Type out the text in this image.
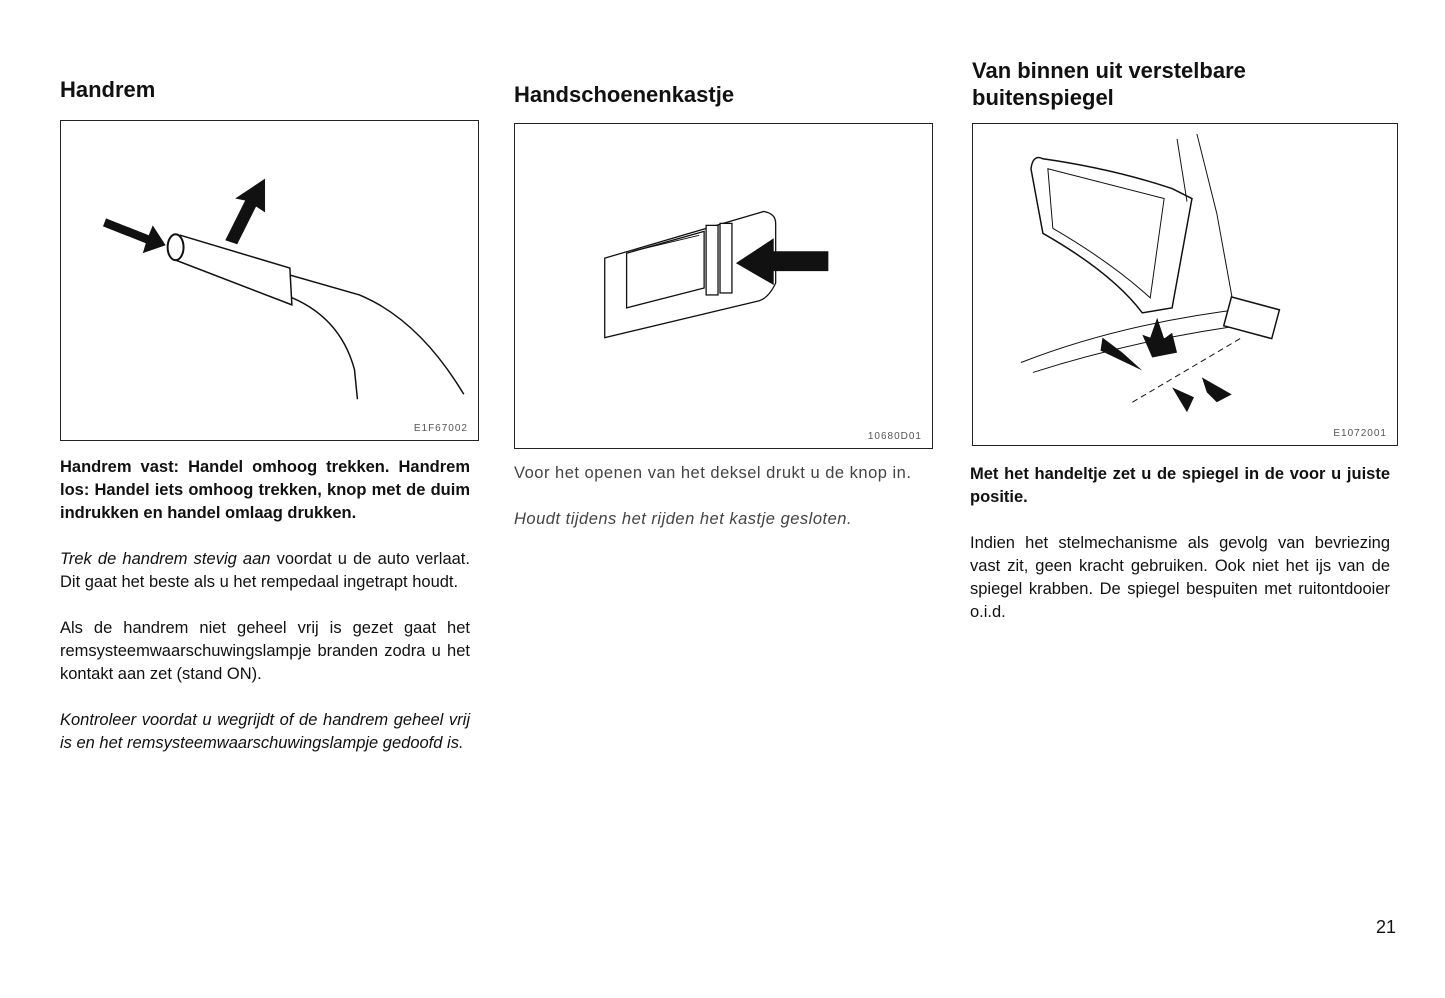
Handrem
E1F67002

Handrem vast: Handel omhoog trekken. Handrem los: Handel iets omhoog trekken, knop met de duim indrukken en handel omlaag drukken.

Trek de handrem stevig aan voordat u de auto verlaat. Dit gaat het beste als u het rempedaal ingetrapt houdt.

Als de handrem niet geheel vrij is gezet gaat het remsysteemwaarschuwingslampje branden zodra u het kontakt aan zet (stand ON).

Kontroleer voordat u wegrijdt of de handrem geheel vrij is en het remsysteemwaarschuwingslampje gedoofd is.

Handschoenenkastje
10680D01

Voor het openen van het deksel drukt u de knop in.

Houdt tijdens het rijden het kastje gesloten.

Van binnen uit verstelbare buitenspiegel
E1072001

Met het handeltje zet u de spiegel in de voor u juiste positie.

Indien het stelmechanisme als gevolg van bevriezing vast zit, geen kracht gebruiken. Ook niet het ijs van de spiegel krabben. De spiegel bespuiten met ruitontdooier o.i.d.

21
